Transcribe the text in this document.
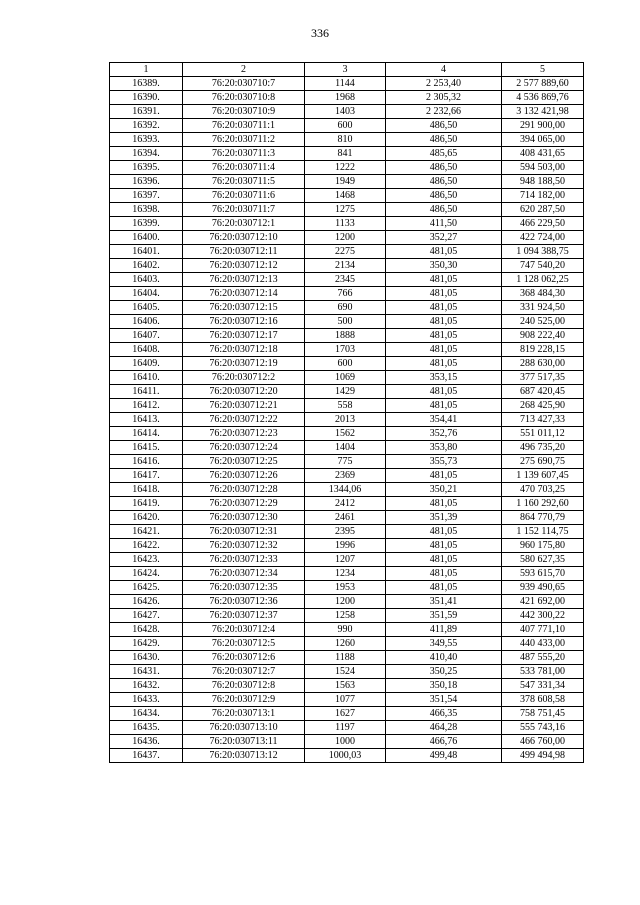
336
1	2	3	4	5
16389.	76:20:030710:7	1144	2 253,40	2 577 889,60
16390.	76:20:030710:8	1968	2 305,32	4 536 869,76
16391.	76:20:030710:9	1403	2 232,66	3 132 421,98
16392.	76:20:030711:1	600	486,50	291 900,00
16393.	76:20:030711:2	810	486,50	394 065,00
16394.	76:20:030711:3	841	485,65	408 431,65
16395.	76:20:030711:4	1222	486,50	594 503,00
16396.	76:20:030711:5	1949	486,50	948 188,50
16397.	76:20:030711:6	1468	486,50	714 182,00
16398.	76:20:030711:7	1275	486,50	620 287,50
16399.	76:20:030712:1	1133	411,50	466 229,50
16400.	76:20:030712:10	1200	352,27	422 724,00
16401.	76:20:030712:11	2275	481,05	1 094 388,75
16402.	76:20:030712:12	2134	350,30	747 540,20
16403.	76:20:030712:13	2345	481,05	1 128 062,25
16404.	76:20:030712:14	766	481,05	368 484,30
16405.	76:20:030712:15	690	481,05	331 924,50
16406.	76:20:030712:16	500	481,05	240 525,00
16407.	76:20:030712:17	1888	481,05	908 222,40
16408.	76:20:030712:18	1703	481,05	819 228,15
16409.	76:20:030712:19	600	481,05	288 630,00
16410.	76:20:030712:2	1069	353,15	377 517,35
16411.	76:20:030712:20	1429	481,05	687 420,45
16412.	76:20:030712:21	558	481,05	268 425,90
16413.	76:20:030712:22	2013	354,41	713 427,33
16414.	76:20:030712:23	1562	352,76	551 011,12
16415.	76:20:030712:24	1404	353,80	496 735,20
16416.	76:20:030712:25	775	355,73	275 690,75
16417.	76:20:030712:26	2369	481,05	1 139 607,45
16418.	76:20:030712:28	1344,06	350,21	470 703,25
16419.	76:20:030712:29	2412	481,05	1 160 292,60
16420.	76:20:030712:30	2461	351,39	864 770,79
16421.	76:20:030712:31	2395	481,05	1 152 114,75
16422.	76:20:030712:32	1996	481,05	960 175,80
16423.	76:20:030712:33	1207	481,05	580 627,35
16424.	76:20:030712:34	1234	481,05	593 615,70
16425.	76:20:030712:35	1953	481,05	939 490,65
16426.	76:20:030712:36	1200	351,41	421 692,00
16427.	76:20:030712:37	1258	351,59	442 300,22
16428.	76:20:030712:4	990	411,89	407 771,10
16429.	76:20:030712:5	1260	349,55	440 433,00
16430.	76:20:030712:6	1188	410,40	487 555,20
16431.	76:20:030712:7	1524	350,25	533 781,00
16432.	76:20:030712:8	1563	350,18	547 331,34
16433.	76:20:030712:9	1077	351,54	378 608,58
16434.	76:20:030713:1	1627	466,35	758 751,45
16435.	76:20:030713:10	1197	464,28	555 743,16
16436.	76:20:030713:11	1000	466,76	466 760,00
16437.	76:20:030713:12	1000,03	499,48	499 494,98
